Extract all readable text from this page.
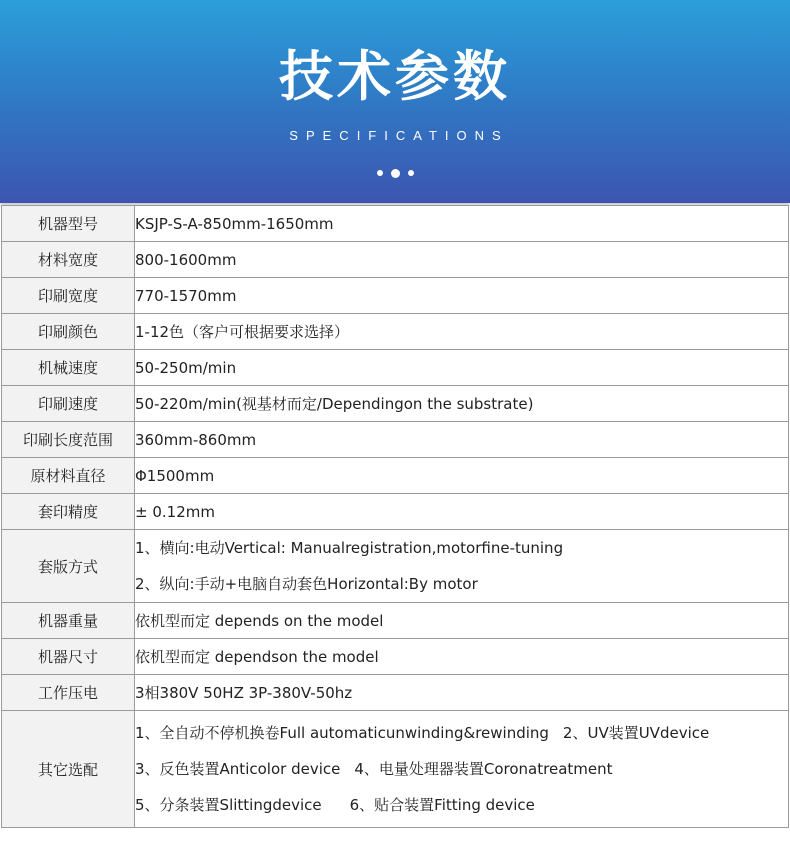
技术参数
SPECIFICATIONS
机器型号	KSJP-S-A-850mm-1650mm
材料宽度	800-1600mm
印刷宽度	770-1570mm
印刷颜色	1-12色（客户可根据要求选择）
机械速度	50-250m/min
印刷速度	50-220m/min(视基材而定/Dependingon the substrate)
印刷长度范围	360mm-860mm
原材料直径	Φ1500mm
套印精度	± 0.12mm
套版方式	1、横向:电动Vertical: Manualregistration,motorfine-tuning
2、纵向:手动+电脑自动套色Horizontal:By motor

机器重量	依机型而定 depends on the model
机器尺寸	依机型而定 dependson the model
工作压电	3相380V 50HZ 3P-380V-50hz
其它选配	1、全自动不停机换卷Full automaticunwinding&rewinding 2、UV装置UVdevice
3、反色装置Anticolor device 4、电量处理器装置Coronatreatment
5、分条装置Slittingdevice 6、贴合装置Fitting device
